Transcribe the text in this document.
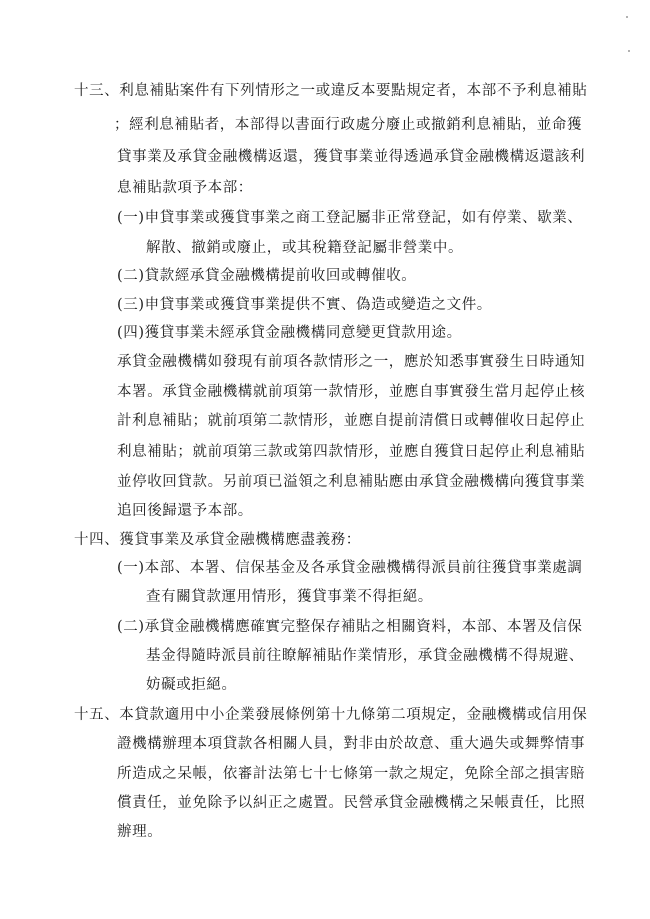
十三、利息補貼案件有下列情形之一或違反本要點規定者，本部不予利息補貼
；經利息補貼者，本部得以書面行政處分廢止或撤銷利息補貼，並命獲
貸事業及承貸金融機構返還，獲貸事業並得透過承貸金融機構返還該利
息補貼款項予本部：
(一)申貸事業或獲貸事業之商工登記屬非正常登記，如有停業、歇業、
解散、撤銷或廢止，或其稅籍登記屬非營業中。
(二)貸款經承貸金融機構提前收回或轉催收。
(三)申貸事業或獲貸事業提供不實、偽造或變造之文件。
(四)獲貸事業未經承貸金融機構同意變更貸款用途。
承貸金融機構如發現有前項各款情形之一，應於知悉事實發生日時通知
本署。承貸金融機構就前項第一款情形，並應自事實發生當月起停止核
計利息補貼；就前項第二款情形，並應自提前清償日或轉催收日起停止
利息補貼；就前項第三款或第四款情形，並應自獲貸日起停止利息補貼
並停收回貸款。另前項已溢領之利息補貼應由承貸金融機構向獲貸事業
追回後歸還予本部。
十四、獲貸事業及承貸金融機構應盡義務：
(一)本部、本署、信保基金及各承貸金融機構得派員前往獲貸事業處調
查有關貸款運用情形，獲貸事業不得拒絕。
(二)承貸金融機構應確實完整保存補貼之相關資料，本部、本署及信保
基金得隨時派員前往瞭解補貼作業情形，承貸金融機構不得規避、
妨礙或拒絕。
十五、本貸款適用中小企業發展條例第十九條第二項規定，金融機構或信用保
證機構辦理本項貸款各相關人員，對非由於故意、重大過失或舞弊情事
所造成之呆帳，依審計法第七十七條第一款之規定，免除全部之損害賠
償責任，並免除予以糾正之處置。民營承貸金融機構之呆帳責任，比照
辦理。
